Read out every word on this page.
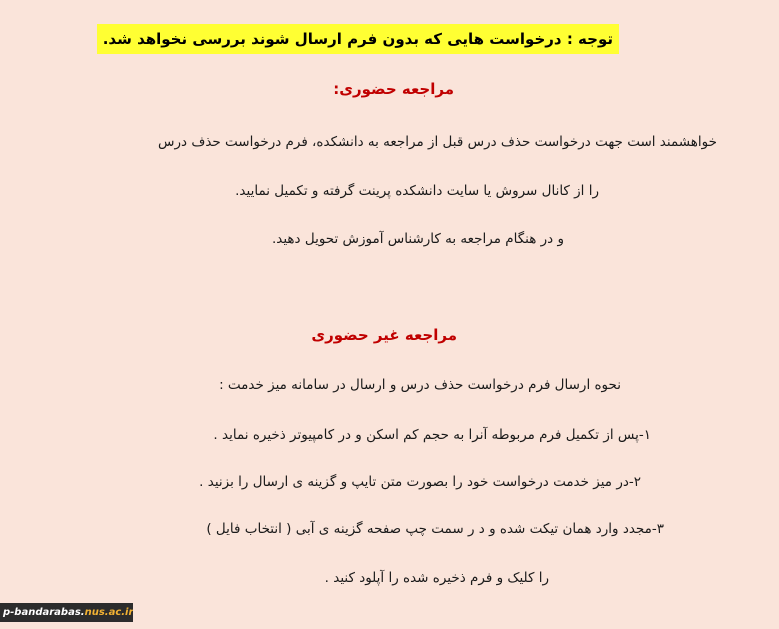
توجه : درخواست هایی که بدون فرم ارسال شوند بررسی نخواهد شد.
مراجعه حضوری:
خواهشمند است جهت درخواست حذف درس قبل از مراجعه به دانشکده، فرم درخواست حذف درس
را از کانال سروش یا سایت دانشکده پرینت گرفته و تکمیل نمایید.
و در هنگام مراجعه به کارشناس آموزش تحویل دهید.
مراجعه غیر حضوری
نحوه ارسال فرم درخواست حذف درس و ارسال در سامانه میز خدمت :
۱-پس از تکمیل فرم مربوطه آنرا به حجم کم اسکن و در کامپیوتر ذخیره نماید .
۲-در میز خدمت درخواست خود را بصورت متن تایپ و گزینه ی ارسال را بزنید .
۳-مجدد وارد همان تیکت شده و د ر سمت چپ صفحه گزینه ی آبی ( انتخاب فایل )
را کلیک و فرم ذخیره شده را آپلود کنید .
p-bandarabas.nus.ac.ir
